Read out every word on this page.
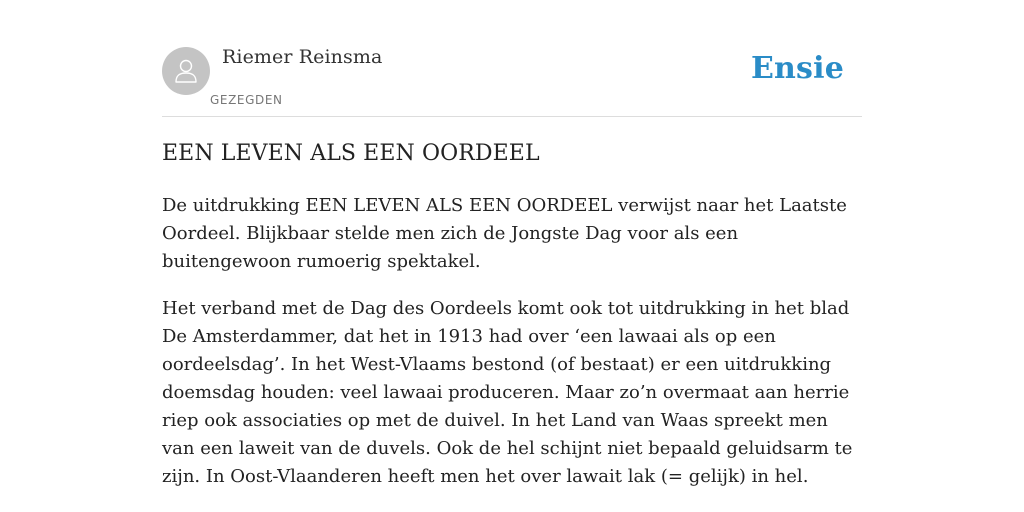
Riemer Reinsma
GEZEGDEN
Ensie
EEN LEVEN ALS EEN OORDEEL

De uitdrukking EEN LEVEN ALS EEN OORDEEL verwijst naar het Laatste Oordeel. Blijkbaar stelde men zich de Jongste Dag voor als een buitengewoon rumoerig spektakel.

Het verband met de Dag des Oordeels komt ook tot uitdrukking in het blad De Amsterdammer, dat het in 1913 had over ‘een lawaai als op een oordeelsdag’. In het West-Vlaams bestond (of bestaat) er een uitdrukking doemsdag houden: veel lawaai produceren. Maar zo’n overmaat aan herrie riep ook associaties op met de duivel. In het Land van Waas spreekt men van een laweit van de duvels. Ook de hel schijnt niet bepaald geluidsarm te zijn. In Oost-Vlaanderen heeft men het over lawait lak (= gelijk) in hel.
